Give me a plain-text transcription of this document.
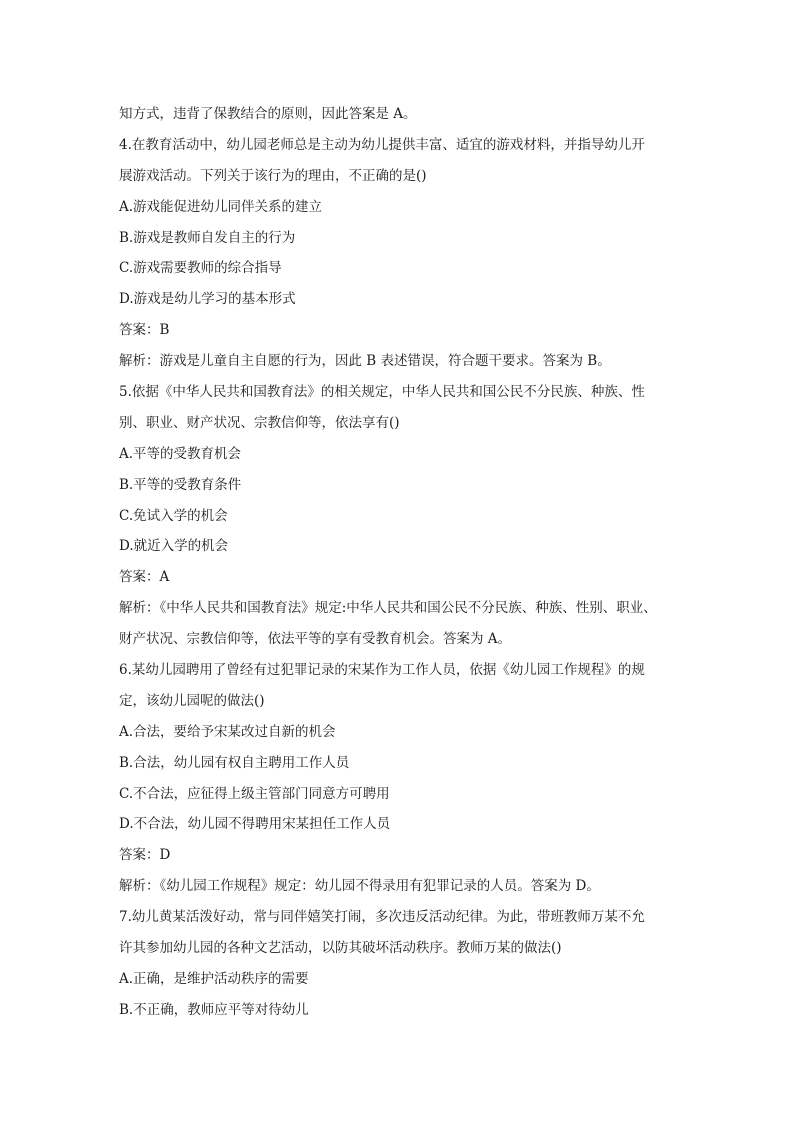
知方式，违背了保教结合的原则，因此答案是 A。
4.在教育活动中，幼儿园老师总是主动为幼儿提供丰富、适宜的游戏材料，并指导幼儿开
展游戏活动。下列关于该行为的理由，不正确的是()
A.游戏能促进幼儿同伴关系的建立
B.游戏是教师自发自主的行为
C.游戏需要教师的综合指导
D.游戏是幼儿学习的基本形式
答案：B
解析：游戏是儿童自主自愿的行为，因此 B 表述错误，符合题干要求。答案为 B。
5.依据《中华人民共和国教育法》的相关规定，中华人民共和国公民不分民族、种族、性
别、职业、财产状况、宗教信仰等，依法享有()
A.平等的受教育机会
B.平等的受教育条件
C.免试入学的机会
D.就近入学的机会
答案：A
解析：《中华人民共和国教育法》规定:中华人民共和国公民不分民族、种族、性别、职业、
财产状况、宗教信仰等，依法平等的享有受教育机会。答案为 A。
6.某幼儿园聘用了曾经有过犯罪记录的宋某作为工作人员，依据《幼儿园工作规程》的规
定，该幼儿园呢的做法()
A.合法，要给予宋某改过自新的机会
B.合法，幼儿园有权自主聘用工作人员
C.不合法，应征得上级主管部门同意方可聘用
D.不合法，幼儿园不得聘用宋某担任工作人员
答案：D
解析：《幼儿园工作规程》规定：幼儿园不得录用有犯罪记录的人员。答案为 D。
7.幼儿黄某活泼好动，常与同伴嬉笑打闹，多次违反活动纪律。为此，带班教师万某不允
许其参加幼儿园的各种文艺活动，以防其破坏活动秩序。教师万某的做法()
A.正确，是维护活动秩序的需要
B.不正确，教师应平等对待幼儿
